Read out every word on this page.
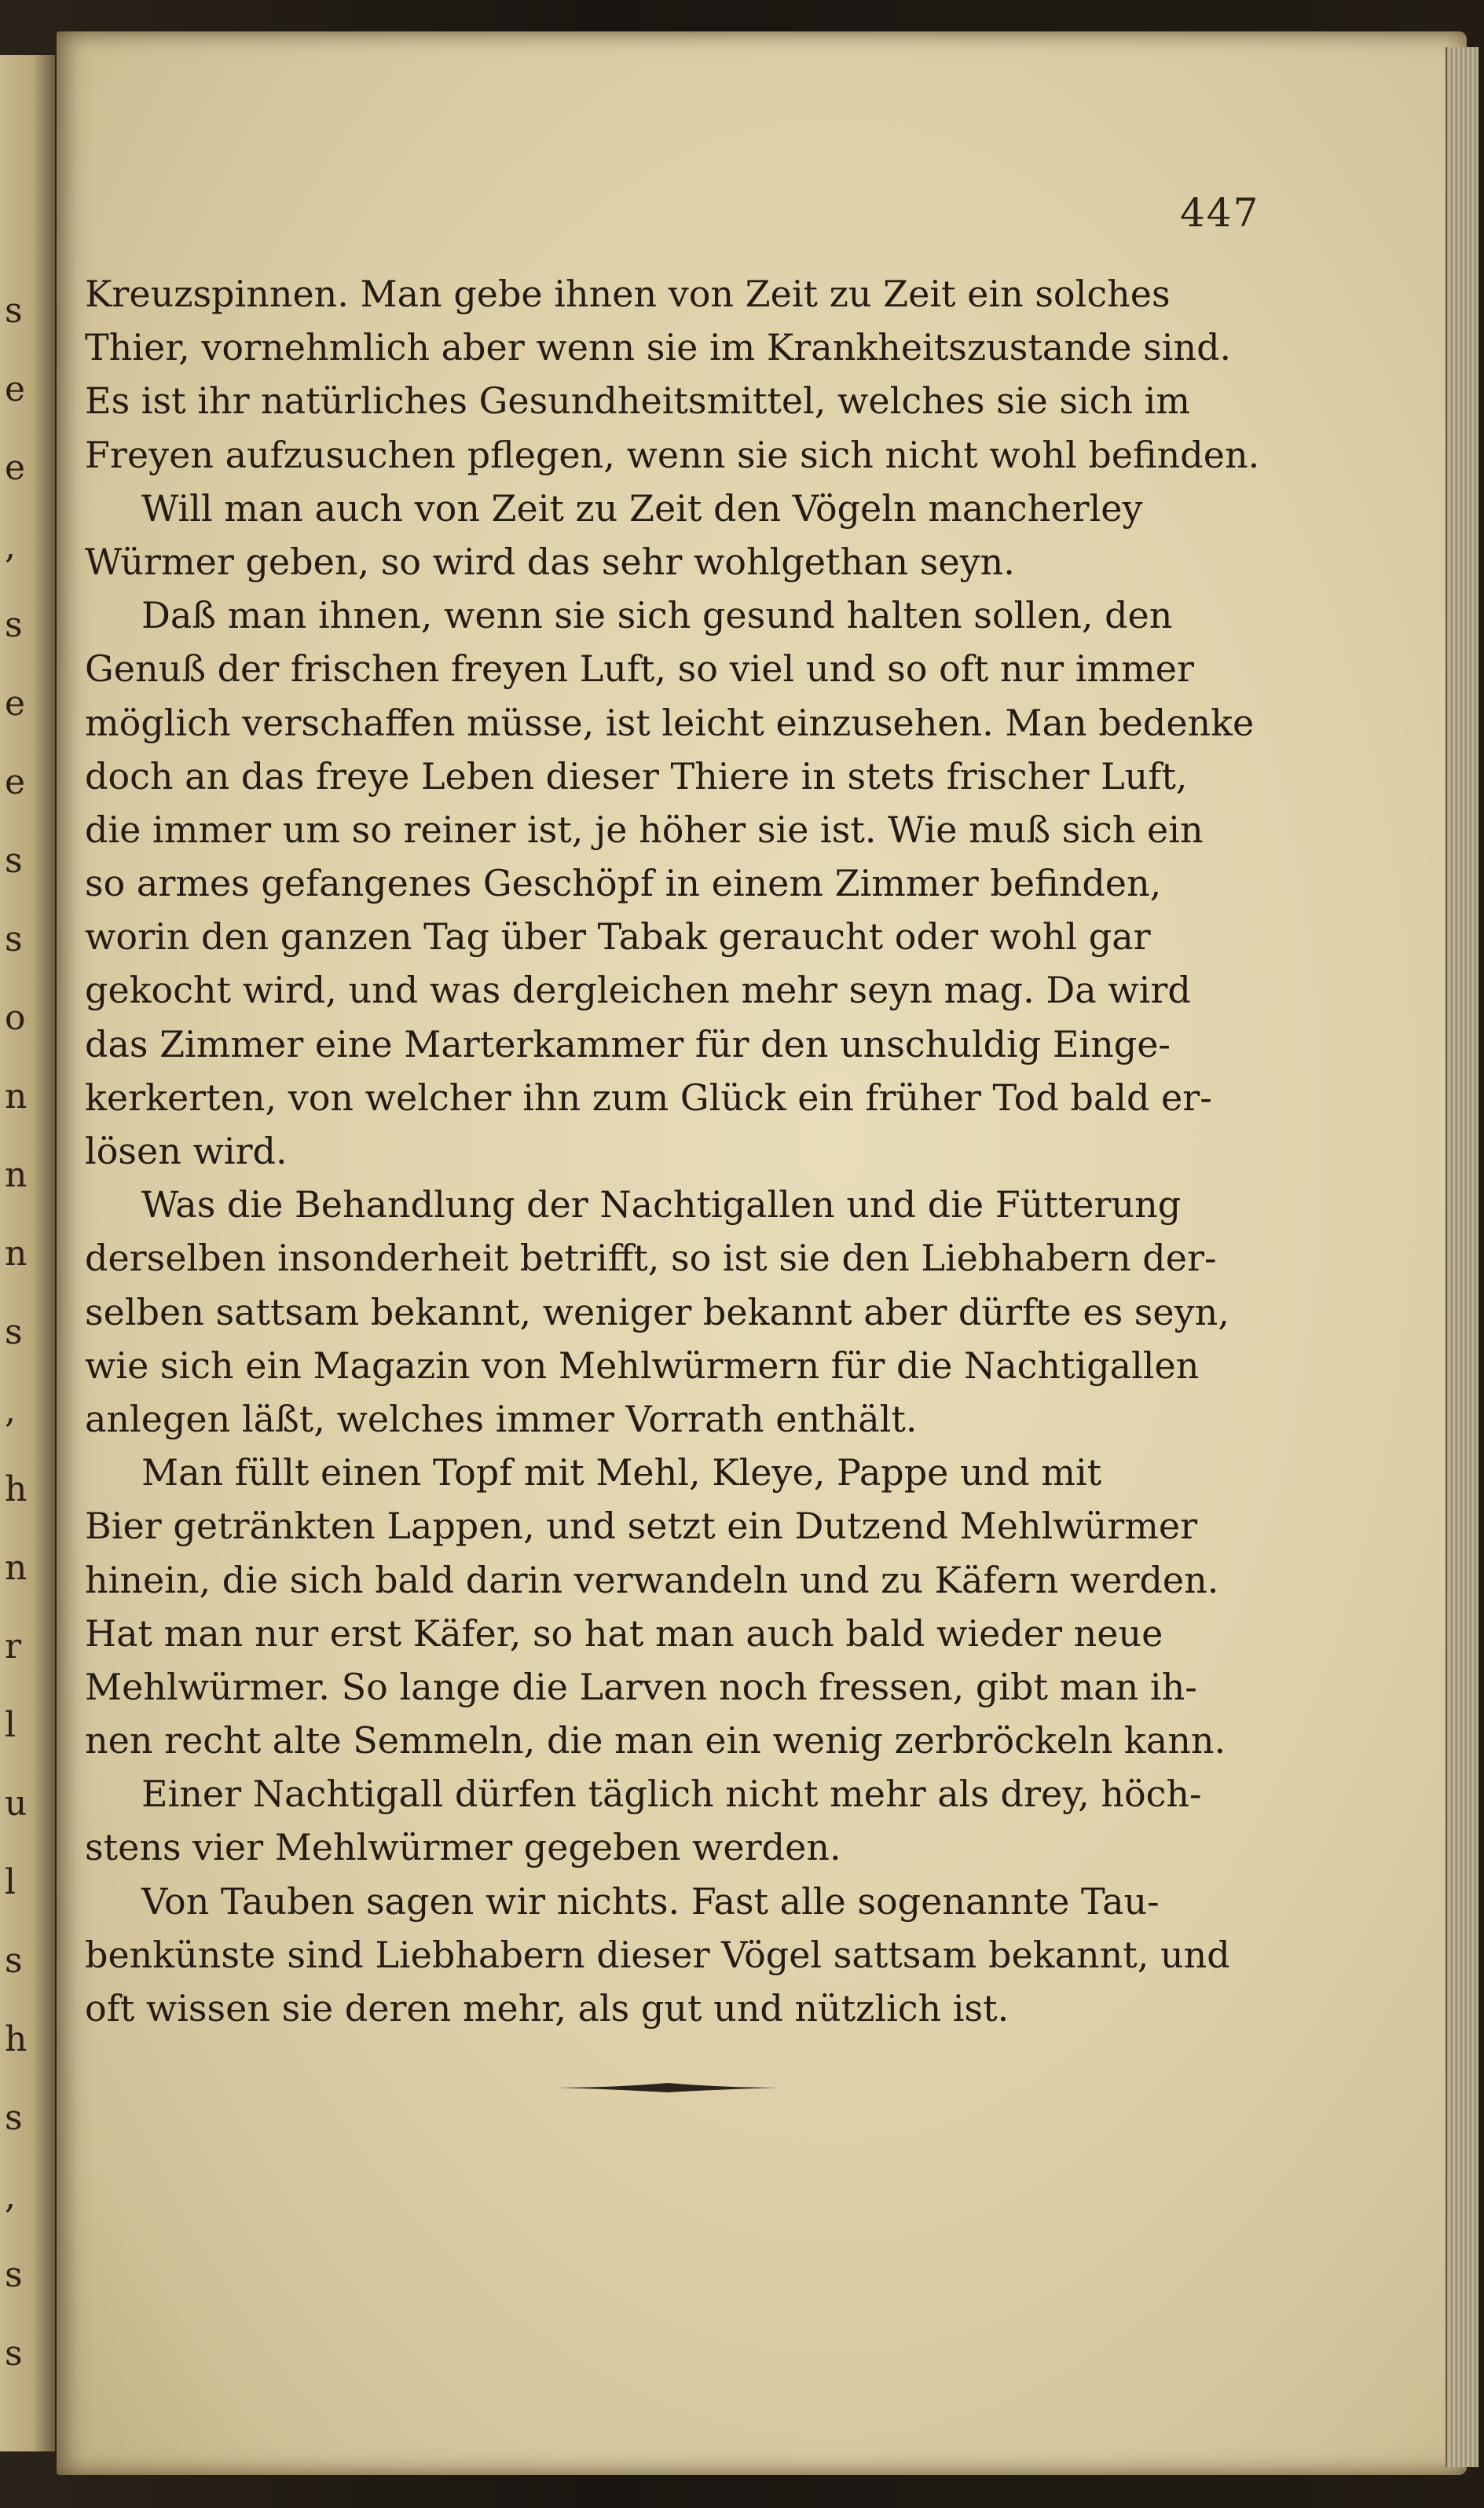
s
e
e
,
s
e
e
s
s
o
n
n
n
s
,
h
n
r
l
u
l
s
h
s
,
s
s
447
Kreuzspinnen. Man gebe ihnen von Zeit zu Zeit ein solches
Thier, vornehmlich aber wenn sie im Krankheitszustande sind.
Es ist ihr natürliches Gesundheitsmittel, welches sie sich im
Freyen aufzusuchen pflegen, wenn sie sich nicht wohl befinden.
Will man auch von Zeit zu Zeit den Vögeln mancherley
Würmer geben, so wird das sehr wohlgethan seyn.
Daß man ihnen, wenn sie sich gesund halten sollen, den
Genuß der frischen freyen Luft, so viel und so oft nur immer
möglich verschaffen müsse, ist leicht einzusehen. Man bedenke
doch an das freye Leben dieser Thiere in stets frischer Luft,
die immer um so reiner ist, je höher sie ist. Wie muß sich ein
so armes gefangenes Geschöpf in einem Zimmer befinden,
worin den ganzen Tag über Tabak geraucht oder wohl gar
gekocht wird, und was dergleichen mehr seyn mag. Da wird
das Zimmer eine Marterkammer für den unschuldig Einge-
kerkerten, von welcher ihn zum Glück ein früher Tod bald er-
lösen wird.
Was die Behandlung der Nachtigallen und die Fütterung
derselben insonderheit betrifft, so ist sie den Liebhabern der-
selben sattsam bekannt, weniger bekannt aber dürfte es seyn,
wie sich ein Magazin von Mehlwürmern für die Nachtigallen
anlegen läßt, welches immer Vorrath enthält.
Man füllt einen Topf mit Mehl, Kleye, Pappe und mit
Bier getränkten Lappen, und setzt ein Dutzend Mehlwürmer
hinein, die sich bald darin verwandeln und zu Käfern werden.
Hat man nur erst Käfer, so hat man auch bald wieder neue
Mehlwürmer. So lange die Larven noch fressen, gibt man ih-
nen recht alte Semmeln, die man ein wenig zerbröckeln kann.
Einer Nachtigall dürfen täglich nicht mehr als drey, höch-
stens vier Mehlwürmer gegeben werden.
Von Tauben sagen wir nichts. Fast alle sogenannte Tau-
benkünste sind Liebhabern dieser Vögel sattsam bekannt, und
oft wissen sie deren mehr, als gut und nützlich ist.
